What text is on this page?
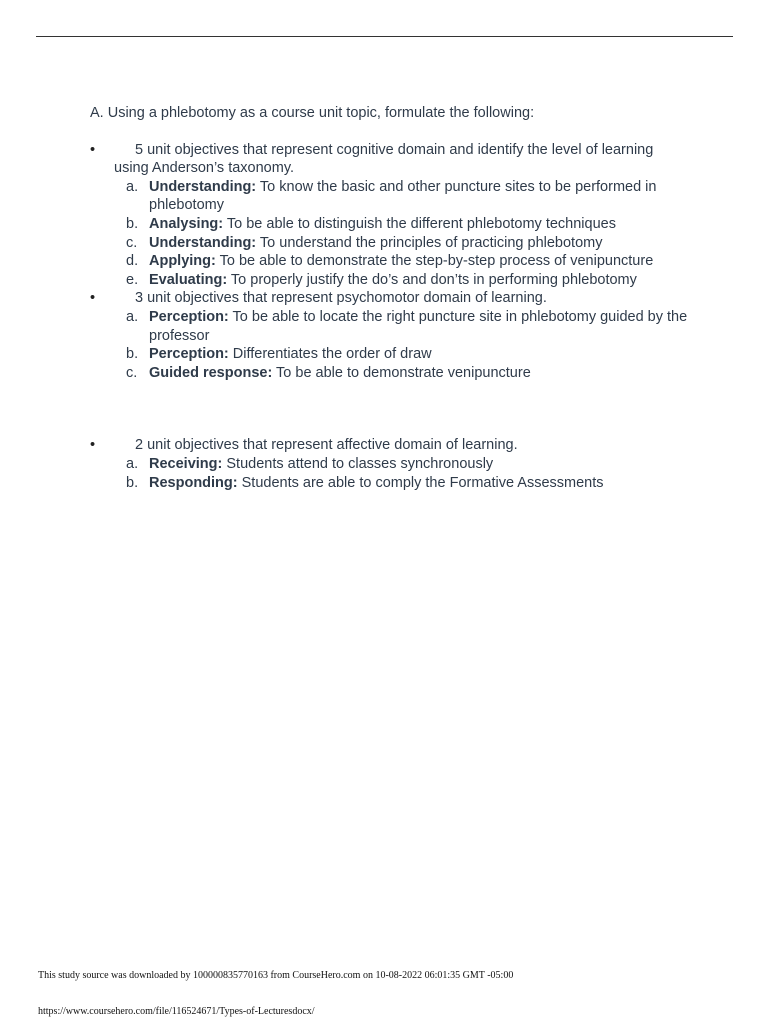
A. Using a phlebotomy as a course unit topic, formulate the following:

•	5 unit objectives that represent cognitive domain and identify the level of learning using Anderson’s taxonomy.
a. Understanding: To know the basic and other puncture sites to be performed in phlebotomy
b. Analysing: To be able to distinguish the different phlebotomy techniques
c. Understanding: To understand the principles of practicing phlebotomy
d. Applying: To be able to demonstrate the step-by-step process of venipuncture
e. Evaluating: To properly justify the do’s and don’ts in performing phlebotomy
•	3 unit objectives that represent psychomotor domain of learning.
a. Perception: To be able to locate the right puncture site in phlebotomy guided by the professor
b. Perception: Differentiates the order of draw
c. Guided response: To be able to demonstrate venipuncture
•	2 unit objectives that represent affective domain of learning.
a. Receiving: Students attend to classes synchronously
b. Responding: Students are able to comply the Formative Assessments
This study source was downloaded by 100000835770163 from CourseHero.com on 10-08-2022 06:01:35 GMT -05:00
https://www.coursehero.com/file/116524671/Types-of-Lecturesdocx/
